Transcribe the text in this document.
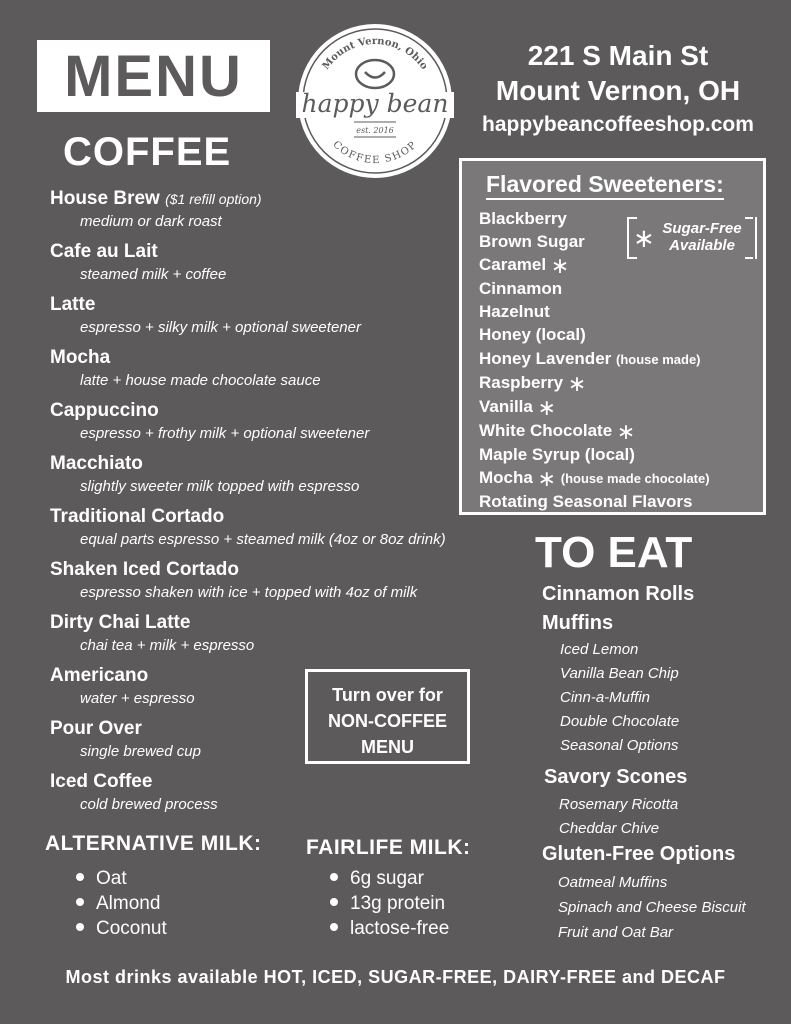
MENU
COFFEE
Mount Vernon, Ohio
happy bean
est. 2016
COFFEE SHOP
221 S Main St
Mount Vernon, OH
happybeancoffeeshop.com
House Brew ($1 refill option)
medium or dark roast
Cafe au Lait
steamed milk + coffee
Latte
espresso + silky milk + optional sweetener
Mocha
latte + house made chocolate sauce
Cappuccino
espresso + frothy milk + optional sweetener
Macchiato
slightly sweeter milk topped with espresso
Traditional Cortado
equal parts espresso + steamed milk (4oz or 8oz drink)
Shaken Iced Cortado
espresso shaken with ice + topped with 4oz of milk
Dirty Chai Latte
chai tea + milk + espresso
Americano
water + espresso
Pour Over
single brewed cup
Iced Coffee
cold brewed process
Flavored Sweeteners:
Blackberry
Brown Sugar
Caramel ∗
Cinnamon
Hazelnut
Honey (local)
Honey Lavender (house made)
Raspberry ∗
Vanilla ∗
White Chocolate ∗
Maple Syrup (local)
Mocha ∗ (house made chocolate)
Rotating Seasonal Flavors
∗ Sugar-Free Available
TO EAT
Cinnamon Rolls
Muffins
Iced Lemon
Vanilla Bean Chip
Cinn-a-Muffin
Double Chocolate
Seasonal Options
Savory Scones
Rosemary Ricotta
Cheddar Chive
Gluten-Free Options
Oatmeal Muffins
Spinach and Cheese Biscuit
Fruit and Oat Bar
Turn over for
NON-COFFEE
MENU
ALTERNATIVE MILK:
Oat
Almond
Coconut
FAIRLIFE MILK:
6g sugar
13g protein
lactose-free
Most drinks available HOT, ICED, SUGAR-FREE, DAIRY-FREE and DECAF
